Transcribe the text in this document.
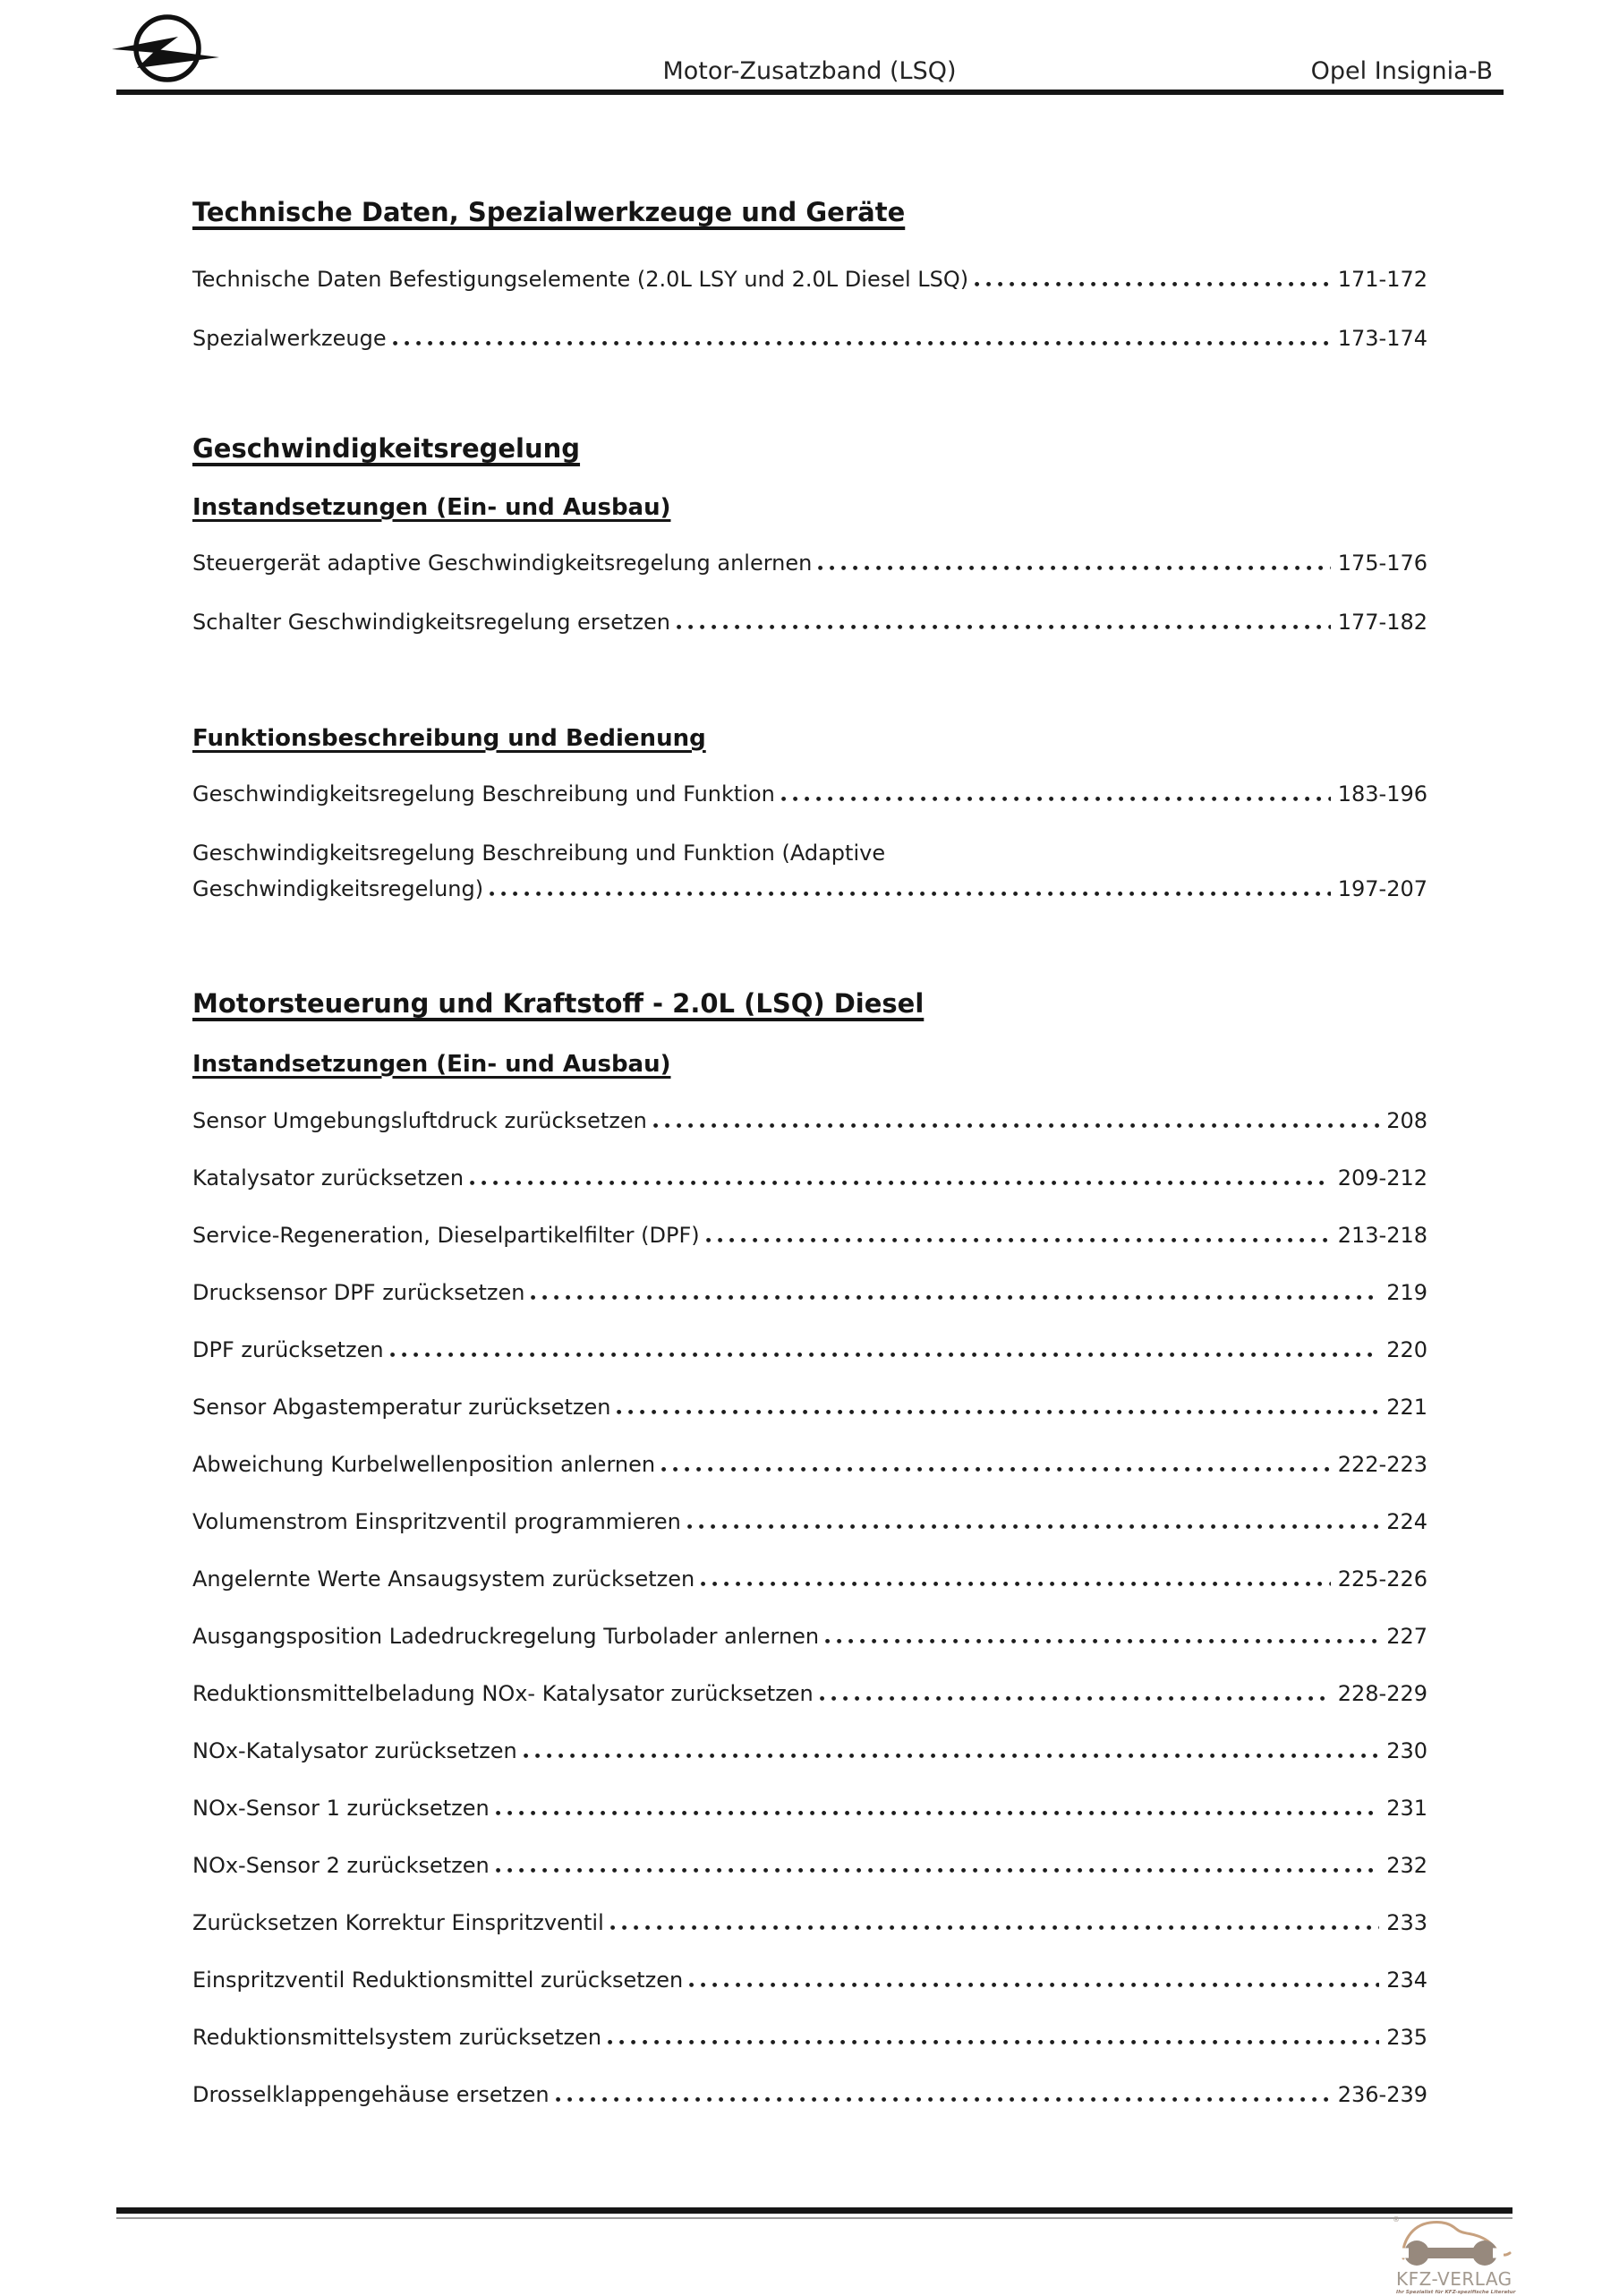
Motor-Zusatzband (LSQ)	Opel Insignia-B
Technische Daten, Spezialwerkzeuge und Geräte
Technische Daten Befestigungselemente (2.0L LSY und 2.0L Diesel LSQ)	171-172
Spezialwerkzeuge	173-174
Geschwindigkeitsregelung
Instandsetzungen (Ein- und Ausbau)
Steuergerät adaptive Geschwindigkeitsregelung anlernen	175-176
Schalter Geschwindigkeitsregelung ersetzen	177-182
Funktionsbeschreibung und Bedienung
Geschwindigkeitsregelung Beschreibung und Funktion	183-196
Geschwindigkeitsregelung Beschreibung und Funktion (Adaptive
Geschwindigkeitsregelung)	197-207
Motorsteuerung und Kraftstoff - 2.0L (LSQ) Diesel
Instandsetzungen (Ein- und Ausbau)
Sensor Umgebungsluftdruck zurücksetzen	208
Katalysator zurücksetzen	209-212
Service-Regeneration, Dieselpartikelfilter (DPF)	213-218
Drucksensor DPF zurücksetzen	219
DPF zurücksetzen	220
Sensor Abgastemperatur zurücksetzen	221
Abweichung Kurbelwellenposition anlernen	222-223
Volumenstrom Einspritzventil programmieren	224
Angelernte Werte Ansaugsystem zurücksetzen	225-226
Ausgangsposition Ladedruckregelung Turbolader anlernen	227
Reduktionsmittelbeladung NOx- Katalysator zurücksetzen	228-229
NOx-Katalysator zurücksetzen	230
NOx-Sensor 1 zurücksetzen	231
NOx-Sensor 2 zurücksetzen	232
Zurücksetzen Korrektur Einspritzventil	233
Einspritzventil Reduktionsmittel zurücksetzen	234
Reduktionsmittelsystem zurücksetzen	235
Drosselklappengehäuse ersetzen	236-239
®
KFZ-VERLAG
Ihr Spezialist für KFZ-spezifische Literatur
